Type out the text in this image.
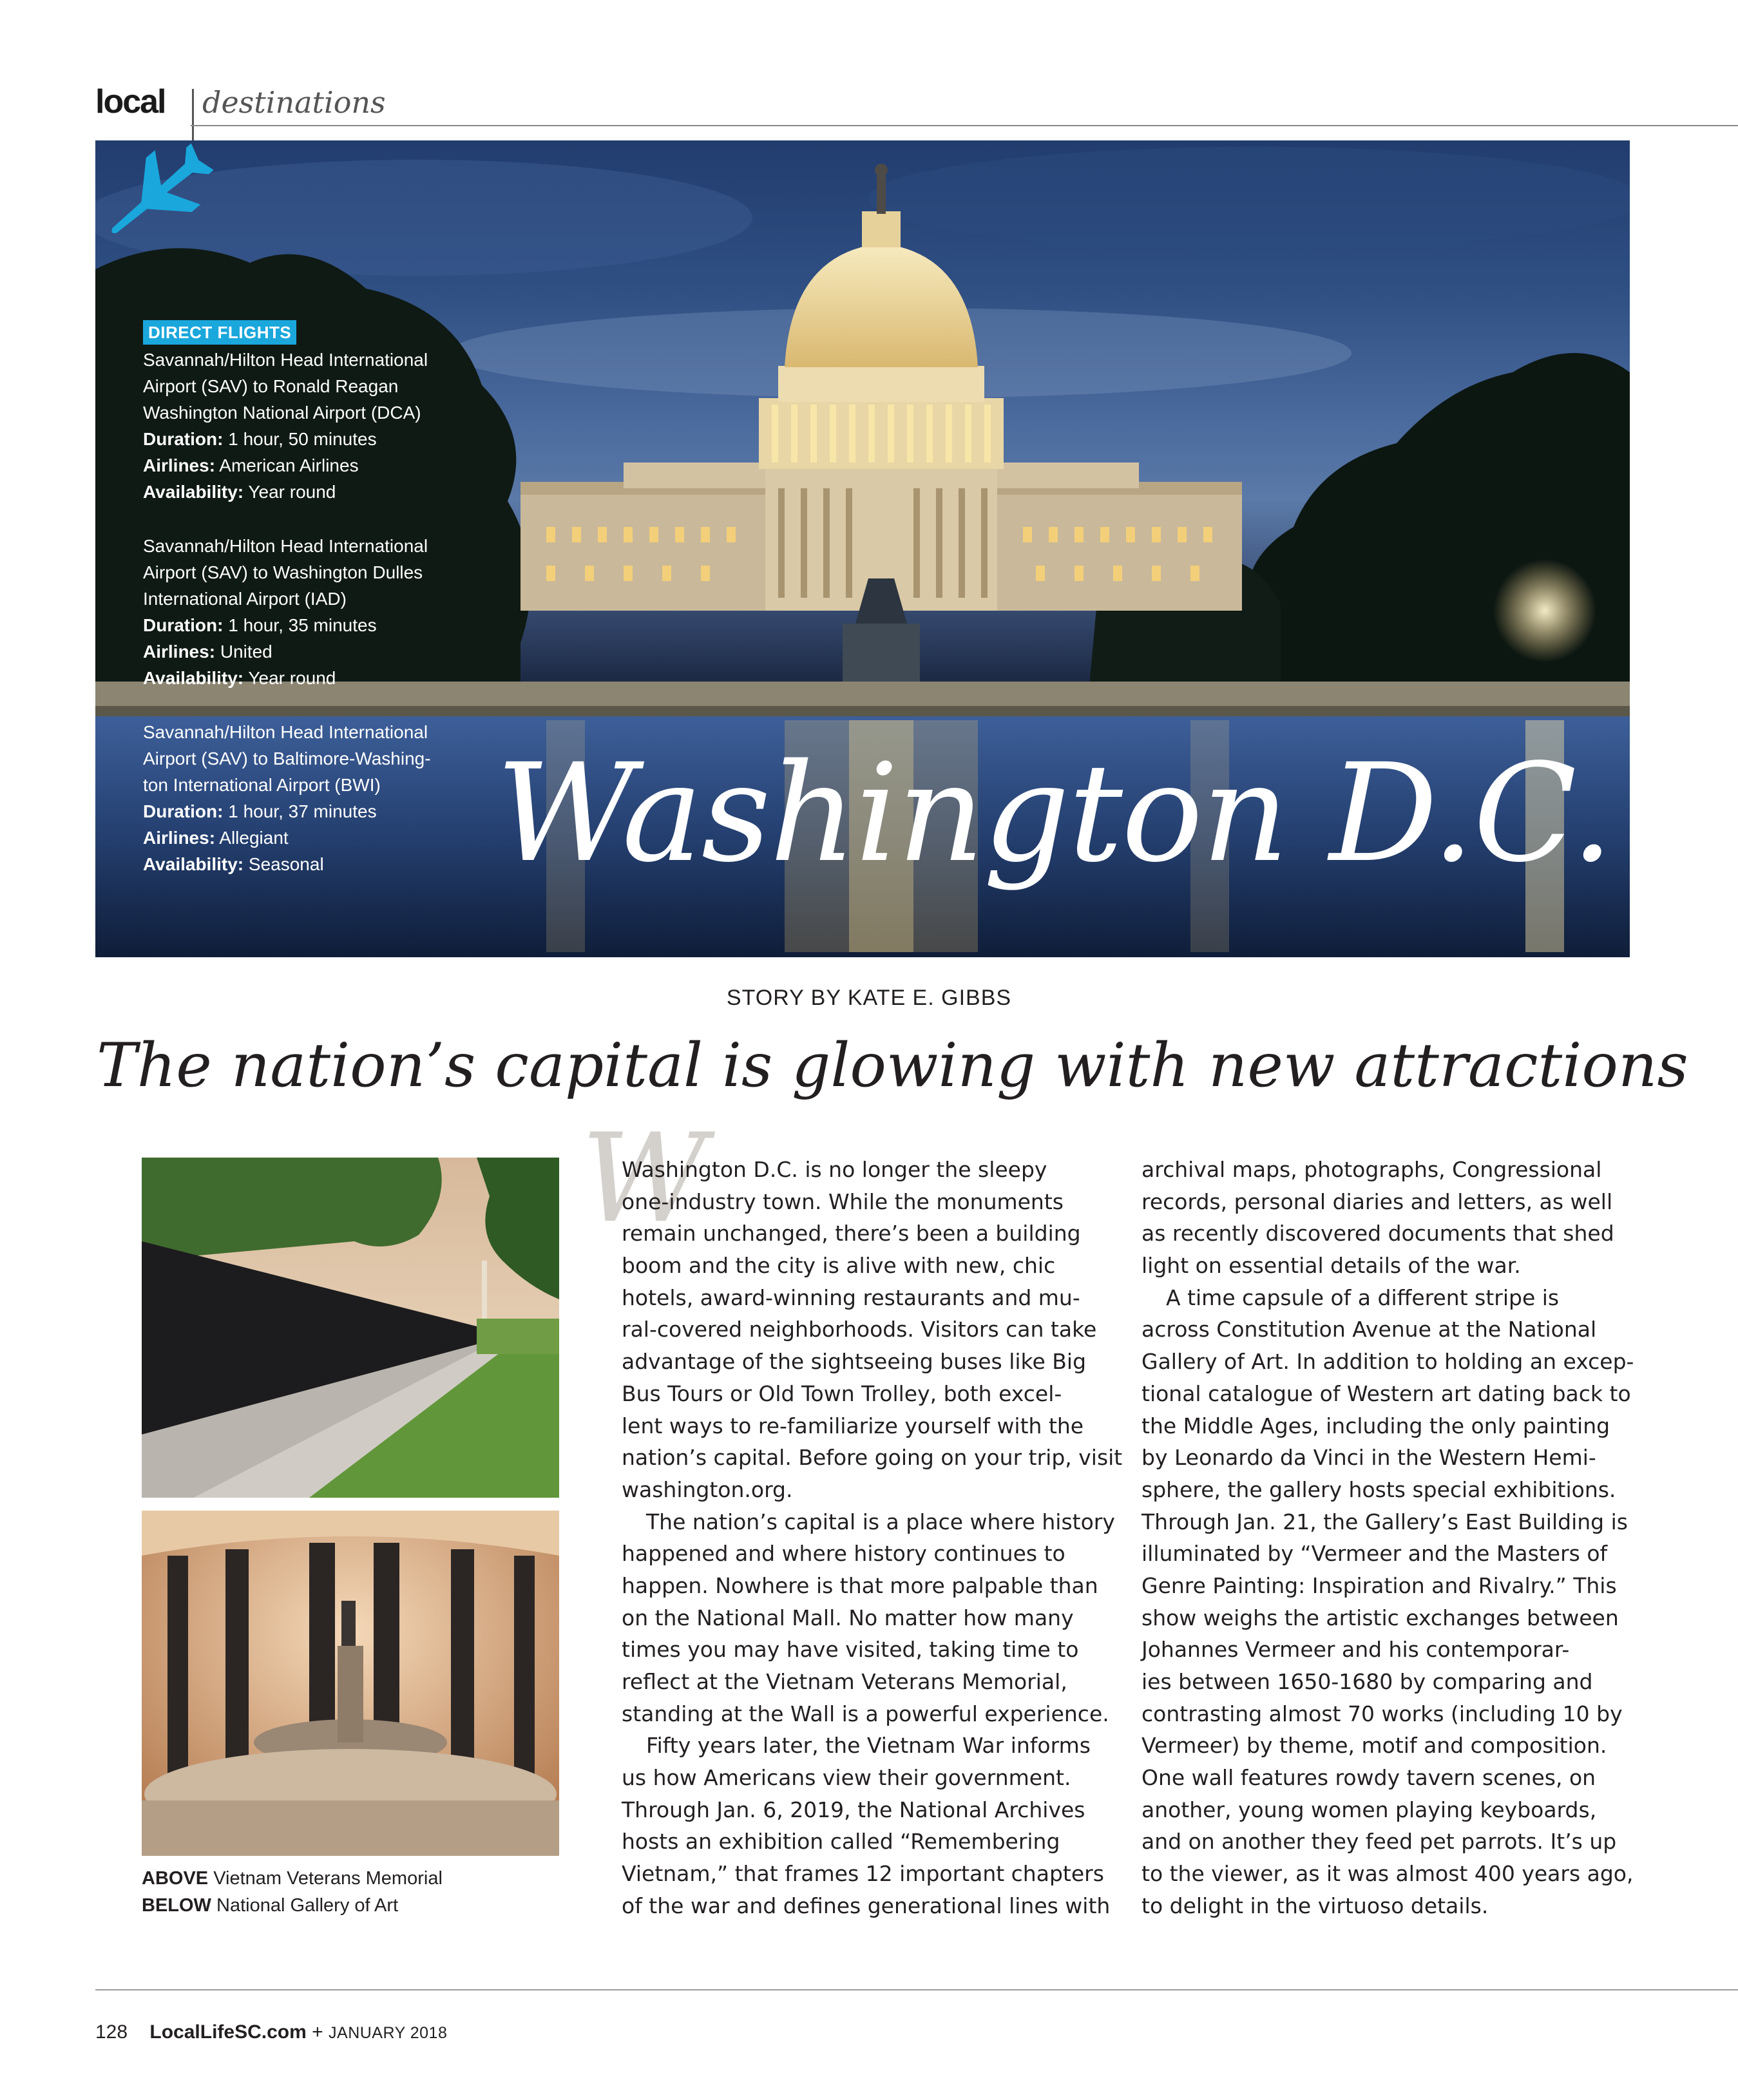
local destinations
DIRECT FLIGHTS
Savannah/Hilton Head International
Airport (SAV) to Ronald Reagan
Washington National Airport (DCA)
Duration: 1 hour, 50 minutes
Airlines: American Airlines
Availability: Year round
Savannah/Hilton Head International
Airport (SAV) to Washington Dulles
International Airport (IAD)
Duration: 1 hour, 35 minutes
Airlines: United
Availability: Year round
Savannah/Hilton Head International
Airport (SAV) to Baltimore-Washing-
ton International Airport (BWI)
Duration: 1 hour, 37 minutes
Airlines: Allegiant
Availability: Seasonal	Washington D.C.
STORY BY KATE E. GIBBS
The nation’s capital is glowing with new attractions
ABOVE Vietnam Veterans Memorial
BELOW National Gallery of Art
W
Washington D.C. is no longer the sleepy
one-industry town. While the monuments
remain unchanged, there’s been a building
boom and the city is alive with new, chic
hotels, award-winning restaurants and mu-
ral-covered neighborhoods. Visitors can take
advantage of the sightseeing buses like Big
Bus Tours or Old Town Trolley, both excel-
lent ways to re-familiarize yourself with the
nation’s capital. Before going on your trip, visit
washington.org.
The nation’s capital is a place where history
happened and where history continues to
happen. Nowhere is that more palpable than
on the National Mall. No matter how many
times you may have visited, taking time to
reflect at the Vietnam Veterans Memorial,
standing at the Wall is a powerful experience.
Fifty years later, the Vietnam War informs
us how Americans view their government.
Through Jan. 6, 2019, the National Archives
hosts an exhibition called “Remembering
Vietnam,” that frames 12 important chapters
of the war and defines generational lines with
archival maps, photographs, Congressional
records, personal diaries and letters, as well
as recently discovered documents that shed
light on essential details of the war.
A time capsule of a different stripe is
across Constitution Avenue at the National
Gallery of Art. In addition to holding an excep-
tional catalogue of Western art dating back to
the Middle Ages, including the only painting
by Leonardo da Vinci in the Western Hemi-
sphere, the gallery hosts special exhibitions.
Through Jan. 21, the Gallery’s East Building is
illuminated by “Vermeer and the Masters of
Genre Painting: Inspiration and Rivalry.” This
show weighs the artistic exchanges between
Johannes Vermeer and his contemporar-
ies between 1650-1680 by comparing and
contrasting almost 70 works (including 10 by
Vermeer) by theme, motif and composition.
One wall features rowdy tavern scenes, on
another, young women playing keyboards,
and on another they feed pet parrots. It’s up
to the viewer, as it was almost 400 years ago,
to delight in the virtuoso details.
128 LocalLifeSC.com + JANUARY 2018
